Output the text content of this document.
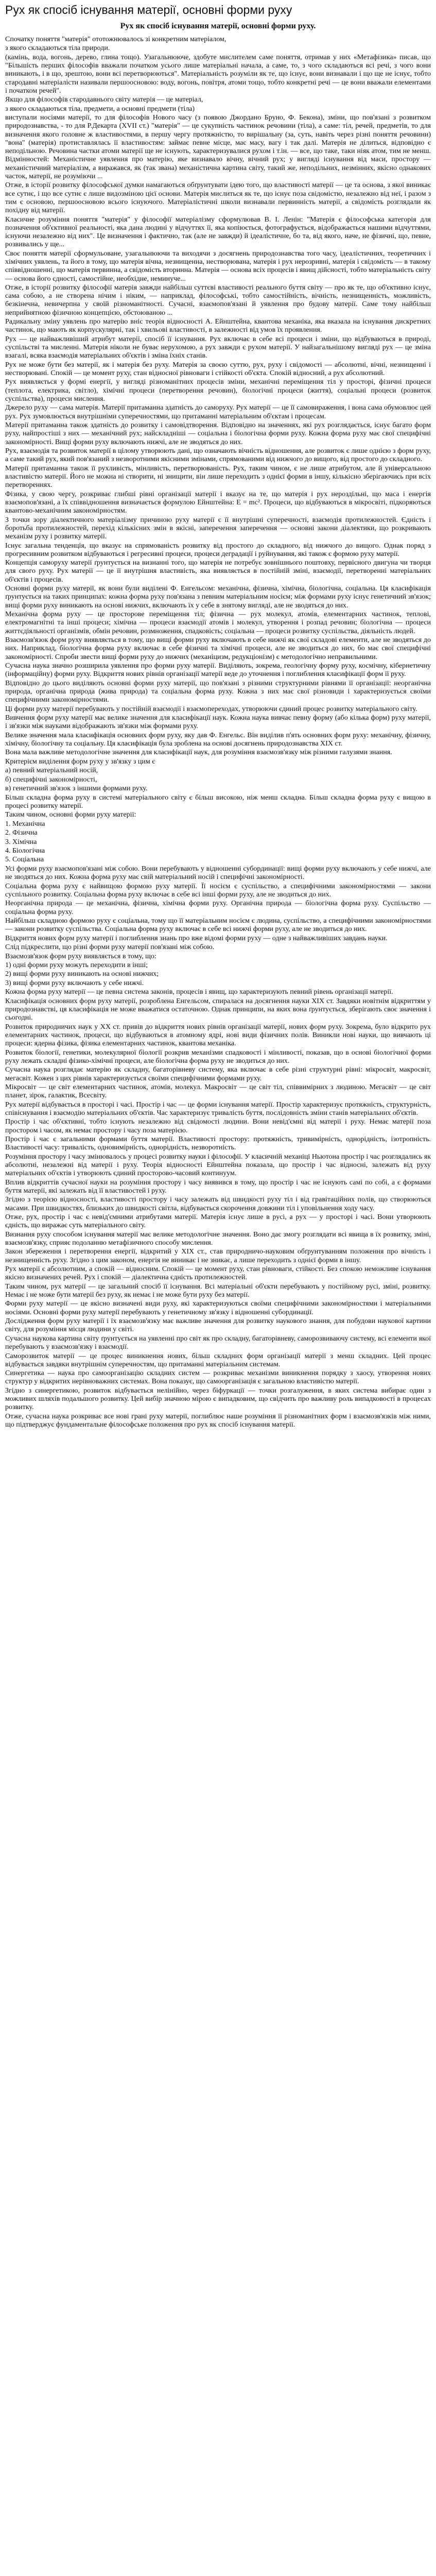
Рух як спосіб існування матерії, основні форми руху
Рух як спосіб існування матерії, основні форми руху.

Спочатку поняття "матерія" ототожнювалось зі конкретним матеріалом,

з якого складаються тіла природи.

(камінь, вода, вогонь, дерево, глина тощо). Узагальнююче, здобуте мислителем саме поняття, отримав у них «Метафізика» писав, що "Більшість перших філософів вважали початком усього лише матеріальні начала, а саме, то, з чого складаються всі речі, з чого вони виникають, і в що, зрештою, вони всі перетворюються". Матеріальність розуміли як те, що існує, вони визнавали і що ще не існує, тобто стародавні матеріалісти називали першоосновою: воду, вогонь, повітря, атоми тощо, тобто конкретні речі — це вони вважали елементами і початком речей".

Якщо для філософів стародавнього світу матерія — це матеріал,

з якого складаються тіла, предмети, а основні предмети (тіла)

виступали носіями матерії, то для філософів Нового часу (з появою Джордано Бруно, Ф. Бекона), зміни, що пов'язані з розвитком природознавства, - то для Р.Декарта (XVII ст.) "матерія" — це сукупність частинок речовини (тіла), а саме: тіл, речей, предметів, то для визначення якого головне ж властивостями, в першу чергу протяжністю, то вирішальну (за, суть, навіть через різні поняття речовини) "вона" (матерія) протиставлялась її властивостям: займає певне місце, має масу, вагу і так далі. Матерія не ділиться, відповідно є неподільною. Речовина частки атоми матерії ще не існують, характеризувалися рухом і т.ін. — все, що таке, таки ніяк атом, тим не менш. Відмінностей: Механістичне уявлення про матерію, яке визнавало вічну, вічний рух; у вигляді існування від маси, простору — механістичний матеріалізм, а виражався, як (так звана) механістична картина світу, такий же, неподільних, незмінних, якісно однакових часток, матерії, не розуміючи ...

Отже, в історії розвитку філософської думки намагаються обґрунтувати ідею того, що властивості матерії — це та основа, з якої виникає все сутнє, і що все сутнє є лише видозміною цієї основи. Матерія мислиться як те, що існує поза свідомістю, незалежно від неї, і разом з тим є основою, першоосновою всього існуючого. Матеріалістичні школи визнавали первинність матерії, а свідомість розглядали як похідну від матерії.

Класичне розуміння поняття "матерія" у філософії матеріалізму сформулював В. І. Ленін: "Матерія є філософська категорія для позначення об'єктивної реальності, яка дана людині у відчуттях її, яка копіюється, фотографується, відображається нашими відчуттями, існуючи незалежно від них". Це визначення і фактично, так (але не завжди) й ідеалістичне, бо та, від якого, наче, не фізичні, що, певне, розвивались у ще...

Своє поняття матерії сформульоване, узагальнюючи та виходячи з досягнень природознавства того часу, ідеалістичних, теоретичних і хімічних уявлень, та його в тому, що матерія вічна, незнищенна, нестворювана, матерія і рух нерозривні, матерія і свідомість — в такому співвідношенні, що матерія первинна, а свідомість вторинна. Матерія — основа всіх процесів і явищ дійсності, тобто матеріальність світу — основа його єдності, самостійне, необхідне, неминуче...

Отже, в історії розвитку філософії матерія завжди найбільш суттєві властивості реального буття світу — про як те, що об'єктивно існує, сама собою, а не створена нічим і ніким, — наприклад, філософські, тобто самостійність, вічність, незнищенність, можливість, безкінечна, невичерпна у своїй різноманітності. Сучасні, взаємопов'язані й уявлення про будову матерії. Саме тому найбільш неприйнятною фізичною концепцією, обстоюваною ...

Радикальну зміну уявлень про матерію вніс теорія відносності А. Ейнштейна, квантова механіка, яка вказала на існування дискретних частинок, що мають як корпускулярні, так і хвильові властивості, в залежності від умов їх проявлення.

Рух — це найважливіший атрибут матерії, спосіб її існування. Рух включає в себе всі процеси і зміни, що відбуваються в природі, суспільстві та мисленні. Матерія ніколи не буває нерухомою, а рух завжди є рухом матерії. У найзагальнішому вигляді рух — це зміна взагалі, всяка взаємодія матеріальних об'єктів і зміна їхніх станів.

Рух не може бути без матерії, як і матерія без руху. Матерія за своєю суттю, рух, руху і свідомості — абсолютні, вічні, незнищенні і нестворювані. Спокій — це момент руху, стан відносної рівноваги і стійкості об'єкта. Спокій відносний, а рух абсолютний.

Рух виявляється у формі енергії, у вигляді різноманітних процесів зміни, механічні переміщення тіл у просторі, фізичні процеси (теплота, електрика, світло), хімічні процеси (перетворення речовин), біологічні процеси (життя), соціальні процеси (розвиток суспільства), процеси мислення.

Джерело руху — сама матерія. Матерії притаманна здатність до саморуху. Рух матерії — це її самовираження, і вона сама обумовлює цей рух. Рух зумовлюється внутрішніми суперечностями, що притаманні матеріальним об'єктам і процесам.

Матерії притаманна також здатність до розвитку і самовідтворення. Відповідно на значеннях, які рух розглядається, існує багато форм руху, найпростіші з них — механічний рух; найскладніші — соціальна і біологічна форми руху. Кожна форма руху має свої специфічні закономірності. Вищі форми руху включають нижчі, але не зводяться до них.

Рух, взаємодія та розвиток матерії в цілому утворюють дані, що означають вічність відношення, але розвиток є лише однією з форм руху, а саме такий рух, який пов'язаний з незворотними якісними змінами, спрямованими від нижчого до вищого, від простого до складного.

Матерії притаманна також її рухливість, мінливість, перетворюваність. Рух, таким чином, є не лише атрибутом, але й універсальною властивістю матерії. Його не можна ні створити, ні знищити, він лише переходить з однієї форми в іншу, кількісно зберігаючись при всіх перетвореннях.

Фізика, у свою чергу, розкриває глибші рівні організації матерії і вказує на те, що матерія і рух нероздільні, що маса і енергія взаємопов'язані, а їх співвідношення визначається формулою Ейнштейна: E = mc². Процеси, що відбуваються в мікросвіті, підкоряються квантово-механічним закономірностям.

З точки зору діалектичного матеріалізму причиною руху матерії є її внутрішні суперечності, взаємодія протилежностей. Єдність і боротьба протилежностей, перехід кількісних змін в якісні, заперечення заперечення — основні закони діалектики, що розкривають механізм руху і розвитку матерії.

Існує загальна тенденція, що вказує на спрямованість розвитку від простого до складного, від нижчого до вищого. Однак поряд з прогресивним розвитком відбуваються і регресивні процеси, процеси деградації і руйнування, які також є формою руху матерії.

Концепція саморуху матерії ґрунтується на визнанні того, що матерія не потребує зовнішнього поштовху, первісного двигуна чи творця для свого руху. Рух матерії — це її внутрішня властивість, яка виявляється в постійній зміні, взаємодії, перетворенні матеріальних об'єктів і процесів.

Основні форми руху матерії, як вони були виділені Ф. Енгельсом: механічна, фізична, хімічна, біологічна, соціальна. Ця класифікація ґрунтується на таких принципах: кожна форма руху пов'язана з певним матеріальним носієм; між формами руху існує генетичний зв'язок; вищі форми руху виникають на основі нижчих, включають їх у себе в знятому вигляді, але не зводяться до них.

Механічна форма руху — це просторове переміщення тіл; фізична — рух молекул, атомів, елементарних частинок, теплові, електромагнітні та інші процеси; хімічна — процеси взаємодії атомів і молекул, утворення і розпад речовин; біологічна — процеси життєдіяльності організмів, обмін речовин, розмноження, спадковість; соціальна — процеси розвитку суспільства, діяльність людей.

Взаємозв'язок форм руху виявляється в тому, що вищі форми руху включають в себе нижчі як свої складові елементи, але не зводяться до них. Наприклад, біологічна форма руху включає в себе фізичні та хімічні процеси, але не зводиться до них, бо має свої специфічні закономірності. Спроби звести вищі форми руху до нижчих (механіцизм, редукціонізм) є методологічно неправильними.

Сучасна наука значно розширила уявлення про форми руху матерії. Виділяють, зокрема, геологічну форму руху, космічну, кібернетичну (інформаційну) форми руху. Відкриття нових рівнів організації матерії веде до уточнення і поглиблення класифікації форм її руху.

Відповідно до цього виділяють основні форми руху матерії, що пов'язані з різними структурними рівнями її організації: неорганічна природа, органічна природа (жива природа) та соціальна форма руху. Кожна з них має свої різновиди і характеризується своїми специфічними закономірностями.

Ці форми руху матерії перебувають у постійній взаємодії і взаємопереходах, утворюючи єдиний процес розвитку матеріального світу.

Вивчення форм руху матерії має велике значення для класифікації наук. Кожна наука вивчає певну форму (або кілька форм) руху матерії, і зв'язки між науками відображають зв'язки між формами руху.

Велике значення мала класифікація основних форм руху, яку дав Ф. Енгельс. Він виділив п'ять основних форм руху: механічну, фізичну, хімічну, біологічну та соціальну. Ця класифікація була зроблена на основі досягнень природознавства XIX ст.

Вона мала важливе методологічне значення для класифікації наук, для розуміння взаємозв'язку між різними галузями знання.

Критерієм виділення форм руху у зв'язку з цим є

а) певний матеріальний носій,

б) специфічні закономірності,

в) генетичний зв'язок з іншими формами руху.

Більш складна форма руху в системі матеріального світу є більш високою, ніж менш складна. Більш складна форма руху є вищою в процесі розвитку матерії.

Таким чином, основні форми руху матерії:

1. Механічна

2. Фізична

3. Хімічна

4. Біологічна

5. Соціальна

Усі форми руху взаємопов'язані між собою. Вони перебувають у відношенні субординації: вищі форми руху включають у себе нижчі, але не зводяться до них. Кожна форма руху має свій матеріальний носій і специфічні закономірності.

Соціальна форма руху є найвищою формою руху матерії. Її носієм є суспільство, а специфічними закономірностями — закони суспільного розвитку. Соціальна форма руху включає в себе всі інші форми руху, але не зводиться до них.

Неорганічна природа — це механічна, фізична, хімічна форми руху. Органічна природа — біологічна форма руху. Суспільство — соціальна форма руху.

Найбільш складною формою руху є соціальна, тому що її матеріальним носієм є людина, суспільство, а специфічними закономірностями — закони розвитку суспільства. Соціальна форма руху включає в себе всі нижчі форми руху, але не зводиться до них.

Відкриття нових форм руху матерії і поглиблення знань про вже відомі форми руху — одне з найважливіших завдань науки.

Слід підкреслити, що різні форми руху матерії пов'язані між собою.

Взаємозв'язок форм руху виявляється в тому, що:

1) одні форми руху можуть переходити в інші;

2) вищі форми руху виникають на основі нижчих;

3) вищі форми руху включають у себе нижчі.

Кожна форма руху матерії — це певна система законів, процесів і явищ, що характеризують певний рівень організації матерії.

Класифікація основних форм руху матерії, розроблена Енгельсом, спиралася на досягнення науки XIX ст. Завдяки новітнім відкриттям у природознавстві, ця класифікація не може вважатися остаточною. Однак принципи, на яких вона ґрунтується, зберігають своє значення і сьогодні.

Розвиток природничих наук у XX ст. привів до відкриття нових рівнів організації матерії, нових форм руху. Зокрема, було відкрито рух елементарних частинок, процеси, що відбуваються в атомному ядрі, нові види фізичних полів. Виникли нові науки, що вивчають ці процеси: ядерна фізика, фізика елементарних частинок, квантова механіка.

Розвиток біології, генетики, молекулярної біології розкрив механізми спадковості і мінливості, показав, що в основі біологічної форми руху лежать складні фізико-хімічні процеси, але біологічна форма руху не зводиться до них.

Сучасна наука розглядає матерію як складну, багаторівневу систему, яка включає в себе різні структурні рівні: мікросвіт, макросвіт, мегасвіт. Кожен з цих рівнів характеризується своїми специфічними формами руху.

Мікросвіт — це світ елементарних частинок, атомів, молекул. Макросвіт — це світ тіл, співвимірних з людиною. Мегасвіт — це світ планет, зірок, галактик, Всесвіту.

Рух матерії відбувається в просторі і часі. Простір і час — це форми існування матерії. Простір характеризує протяжність, структурність, співіснування і взаємодію матеріальних об'єктів. Час характеризує тривалість буття, послідовність зміни станів матеріальних об'єктів.

Простір і час об'єктивні, тобто існують незалежно від свідомості людини. Вони невід'ємні від матерії і руху. Немає матерії поза простором і часом, як немає простору і часу поза матерією.

Простір і час є загальними формами буття матерії. Властивості простору: протяжність, тривимірність, однорідність, ізотропність. Властивості часу: тривалість, одновимірність, однорідність, незворотність.

Розуміння простору і часу змінювалось у процесі розвитку науки і філософії. У класичній механіці Ньютона простір і час розглядались як абсолютні, незалежні від матерії і руху. Теорія відносності Ейнштейна показала, що простір і час відносні, залежать від руху матеріальних об'єктів і утворюють єдиний просторово-часовий континуум.

Вплив відкриттів сучасної науки на розуміння простору і часу виявився в тому, що простір і час не існують самі по собі, а є формами буття матерії, які залежать від її властивостей і руху.

Згідно з теорією відносності, властивості простору і часу залежать від швидкості руху тіл і від гравітаційних полів, що створюються масами. При швидкостях, близьких до швидкості світла, відбувається скорочення довжини тіл і уповільнення ходу часу.

Отже, рух, простір і час є невід'ємними атрибутами матерії. Матерія існує лише в русі, а рух — у просторі і часі. Вони утворюють єдність, що виражає суть матеріального світу.

Визнання руху способом існування матерії має велике методологічне значення. Воно дає змогу розглядати всі явища в їх розвитку, зміні, взаємозв'язку, сприяє подоланню метафізичного способу мислення.

Закон збереження і перетворення енергії, відкритий у XIX ст., став природничо-науковим обґрунтуванням положення про вічність і незнищенність руху. Згідно з цим законом, енергія не виникає і не зникає, а лише переходить з однієї форми в іншу.

Рух матерії є абсолютним, а спокій — відносним. Спокій — це момент руху, стан рівноваги, стійкості. Без спокою неможливе існування якісно визначених речей. Рух і спокій — діалектична єдність протилежностей.

Таким чином, рух матерії — це загальний спосіб її існування. Всі матеріальні об'єкти перебувають у постійному русі, зміні, розвитку. Немає і не може бути матерії без руху, як немає і не може бути руху без матерії.

Форми руху матерії — це якісно визначені види руху, які характеризуються своїми специфічними закономірностями і матеріальними носіями. Основні форми руху матерії перебувають у генетичному зв'язку і відношенні субординації.

Дослідження форм руху матерії і їх взаємозв'язку має важливе значення для розвитку наукового знання, для побудови наукової картини світу, для розуміння місця людини у світі.

Сучасна наукова картина світу ґрунтується на уявленні про світ як про складну, багаторівневу, саморозвиваючу систему, всі елементи якої перебувають у взаємозв'язку і взаємодії.

Саморозвиток матерії — це процес виникнення нових, більш складних форм організації матерії з менш складних. Цей процес відбувається завдяки внутрішнім суперечностям, що притаманні матеріальним системам.

Синергетика — наука про самоорганізацію складних систем — розкриває механізми виникнення порядку з хаосу, утворення нових структур у відкритих нерівноважних системах. Вона показує, що самоорганізація є загальною властивістю матерії.

Згідно з синергетикою, розвиток відбувається нелінійно, через біфуркації — точки розгалуження, в яких система вибирає один з можливих шляхів подальшого розвитку. Цей вибір значною мірою є випадковим, що свідчить про важливу роль випадковості в процесах розвитку.

Отже, сучасна наука розкриває все нові грані руху матерії, поглиблює наше розуміння її різноманітних форм і взаємозв'язків між ними, що підтверджує фундаментальне філософське положення про рух як спосіб існування матерії.
